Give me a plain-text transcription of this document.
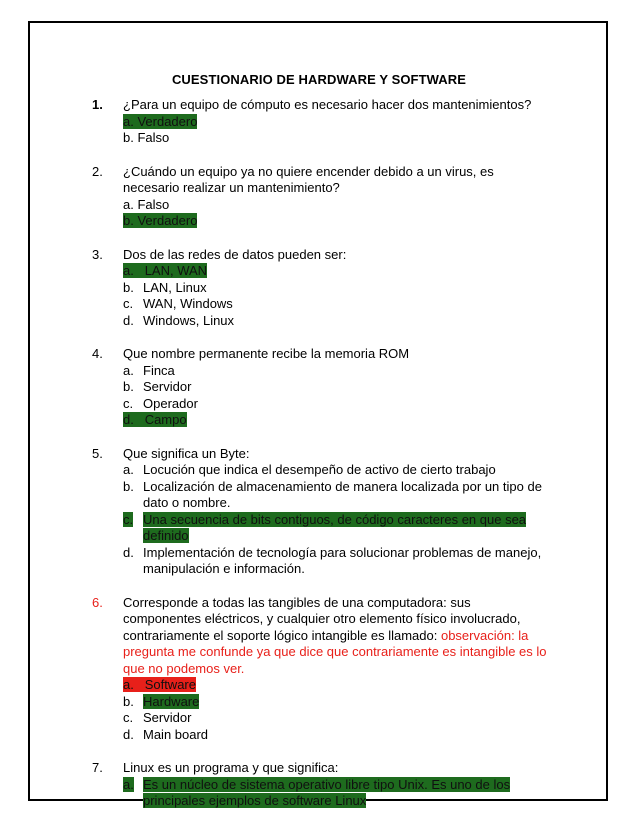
CUESTIONARIO DE HARDWARE Y SOFTWARE
1.	¿Para un equipo de cómputo es necesario hacer dos mantenimientos?
a. Verdadero
b. Falso
2.	¿Cuándo un equipo ya no quiere encender debido a un virus, es necesario realizar un mantenimiento?
a. Falso
b. Verdadero
3.	Dos de las redes de datos pueden ser:
a. LAN, WAN
b. LAN, Linux
c. WAN, Windows
d. Windows, Linux
4.	Que nombre permanente recibe la memoria ROM
a. Finca
b. Servidor
c. Operador
d. Campo
5.	Que significa un Byte:
a. Locución que indica el desempeño de activo de cierto trabajo
b. Localización de almacenamiento de manera localizada por un tipo de dato o nombre.
c. Una secuencia de bits contiguos, de código caracteres en que sea definido
d. Implementación de tecnología para solucionar problemas de manejo, manipulación e información.
6.	Corresponde a todas las tangibles de una computadora: sus componentes eléctricos, y cualquier otro elemento físico involucrado, contrariamente el soporte lógico intangible es llamado: observación: la pregunta me confunde ya que dice que contrariamente es intangible es lo que no podemos ver.
a. Software
b. Hardware
c. Servidor
d. Main board
7.	Linux es un programa y que significa:
a. Es un núcleo de sistema operativo libre tipo Unix. Es uno de los principales ejemplos de software Linux
